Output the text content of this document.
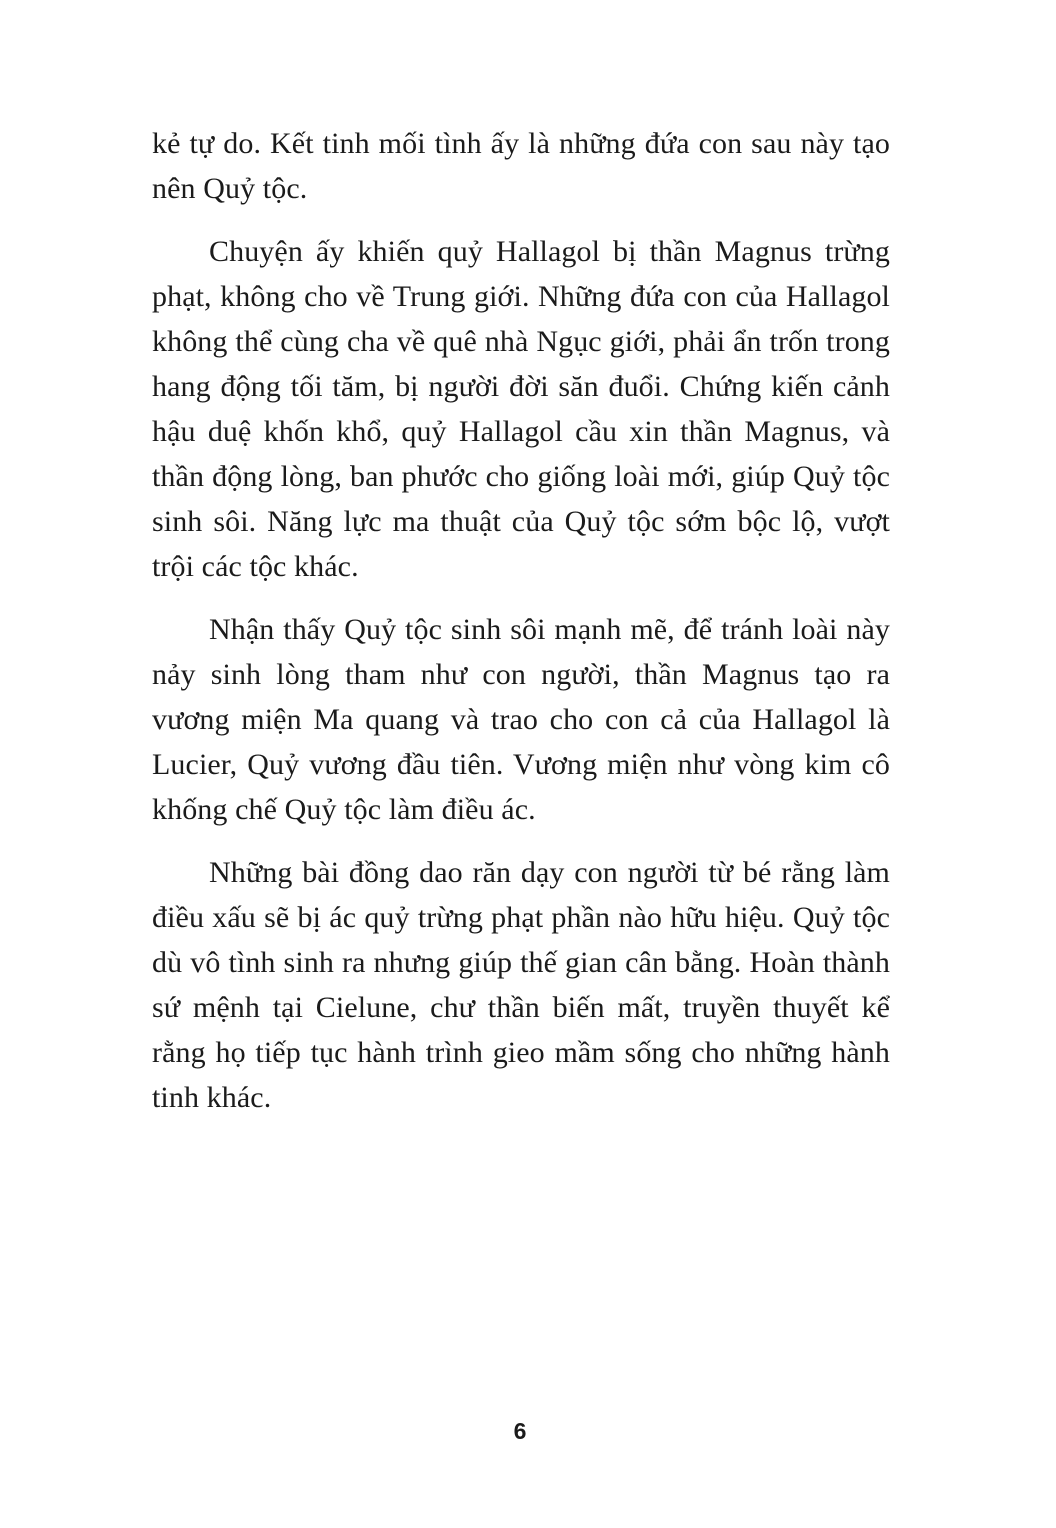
kẻ tự do. Kết tinh mối tình ấy là những đứa con sau này tạo nên Quỷ tộc.

Chuyện ấy khiến quỷ Hallagol bị thần Magnus trừng phạt, không cho về Trung giới. Những đứa con của Hallagol không thể cùng cha về quê nhà Ngục giới, phải ẩn trốn trong hang động tối tăm, bị người đời săn đuổi. Chứng kiến cảnh hậu duệ khốn khổ, quỷ Hallagol cầu xin thần Magnus, và thần động lòng, ban phước cho giống loài mới, giúp Quỷ tộc sinh sôi. Năng lực ma thuật của Quỷ tộc sớm bộc lộ, vượt trội các tộc khác.

Nhận thấy Quỷ tộc sinh sôi mạnh mẽ, để tránh loài này nảy sinh lòng tham như con người, thần Magnus tạo ra vương miện Ma quang và trao cho con cả của Hallagol là Lucier, Quỷ vương đầu tiên. Vương miện như vòng kim cô khống chế Quỷ tộc làm điều ác.

Những bài đồng dao răn dạy con người từ bé rằng làm điều xấu sẽ bị ác quỷ trừng phạt phần nào hữu hiệu. Quỷ tộc dù vô tình sinh ra nhưng giúp thế gian cân bằng. Hoàn thành sứ mệnh tại Cielune, chư thần biến mất, truyền thuyết kể rằng họ tiếp tục hành trình gieo mầm sống cho những hành tinh khác.

6
